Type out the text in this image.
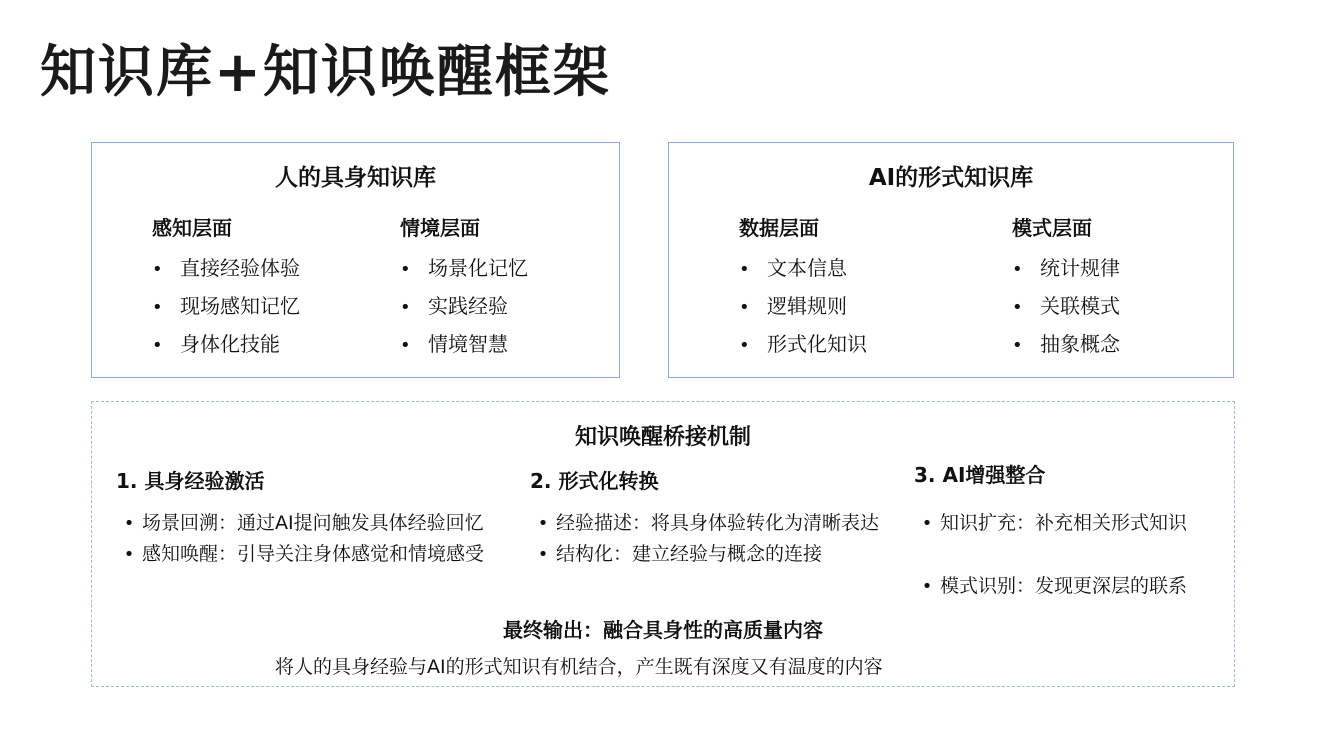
知识库+知识唤醒框架
人的具身知识库
感知层面
• 直接经验体验
• 现场感知记忆
• 身体化技能
情境层面
• 场景化记忆
• 实践经验
• 情境智慧
AI的形式知识库
数据层面
• 文本信息
• 逻辑规则
• 形式化知识
模式层面
• 统计规律
• 关联模式
• 抽象概念
知识唤醒桥接机制
1. 具身经验激活
• 场景回溯：通过AI提问触发具体经验回忆
• 感知唤醒：引导关注身体感觉和情境感受
2. 形式化转换
• 经验描述：将具身体验转化为清晰表达
• 结构化：建立经验与概念的连接
3. AI增强整合
• 知识扩充：补充相关形式知识
• 模式识别：发现更深层的联系
最终输出：融合具身性的高质量内容
将人的具身经验与AI的形式知识有机结合，产生既有深度又有温度的内容
